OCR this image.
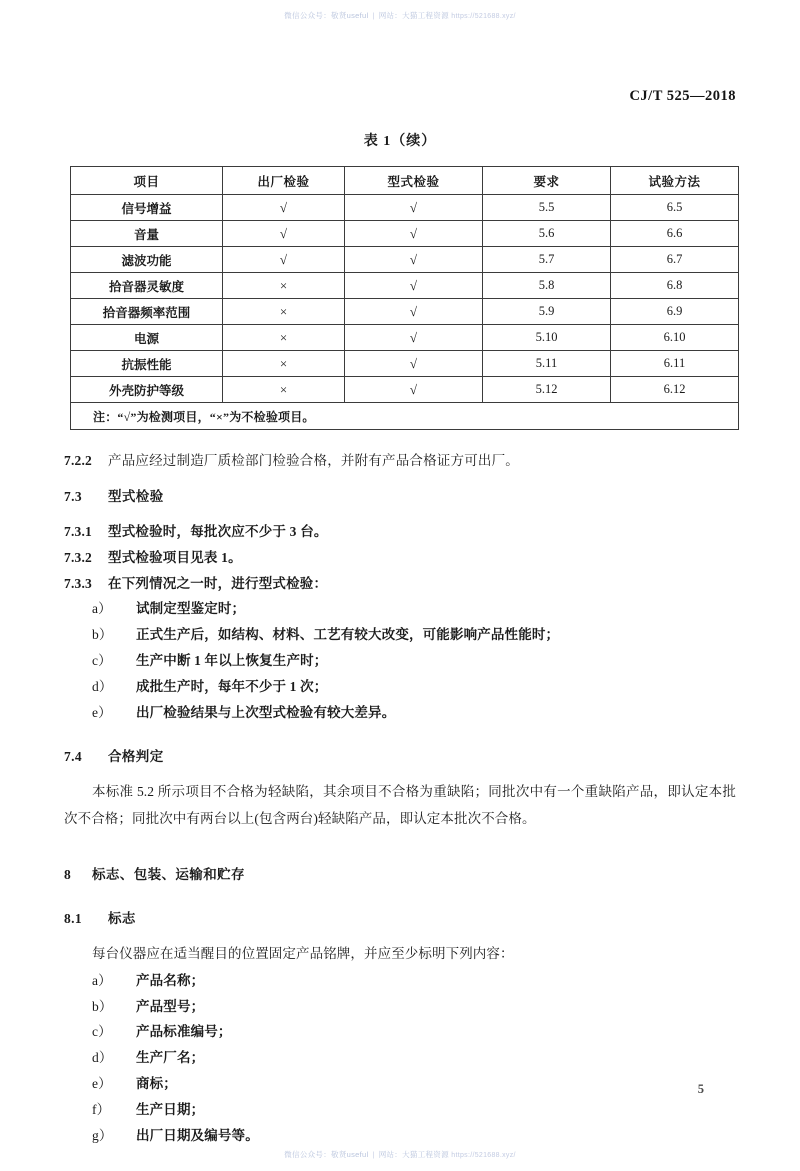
微信公众号：敬贤useful | 网站：大猫工程资源 https://521688.xyz/
CJ/T 525—2018
表 1（续）
项目	出厂检验	型式检验	要求	试验方法
信号增益	√	√	5.5	6.5
音量	√	√	5.6	6.6
滤波功能	√	√	5.7	6.7
拾音器灵敏度	×	√	5.8	6.8
拾音器频率范围	×	√	5.9	6.9
电源	×	√	5.10	6.10
抗振性能	×	√	5.11	6.11
外壳防护等级	×	√	5.12	6.12
注：“√”为检测项目，“×”为不检验项目。				

7.2.2 产品应经过制造厂质检部门检验合格，并附有产品合格证方可出厂。

7.3 型式检验

7.3.1 型式检验时，每批次应不少于 3 台。

7.3.2 型式检验项目见表 1。

7.3.3 在下列情况之一时，进行型式检验：

a） 试制定型鉴定时；
b） 正式生产后，如结构、材料、工艺有较大改变，可能影响产品性能时；
c） 生产中断 1 年以上恢复生产时；
d） 成批生产时，每年不少于 1 次；
e） 出厂检验结果与上次型式检验有较大差异。

7.4 合格判定

本标准 5.2 所示项目不合格为轻缺陷，其余项目不合格为重缺陷；同批次中有一个重缺陷产品，即认定本批次不合格；同批次中有两台以上(包含两台)轻缺陷产品，即认定本批次不合格。

8 标志、包装、运输和贮存

8.1 标志

每台仪器应在适当醒目的位置固定产品铭牌，并应至少标明下列内容：

a） 产品名称；
b） 产品型号；
c） 产品标准编号；
d） 生产厂名；
e） 商标；
f） 生产日期；
g） 出厂日期及编号等。
5
微信公众号：敬贤useful | 网站：大猫工程资源 https://521688.xyz/
